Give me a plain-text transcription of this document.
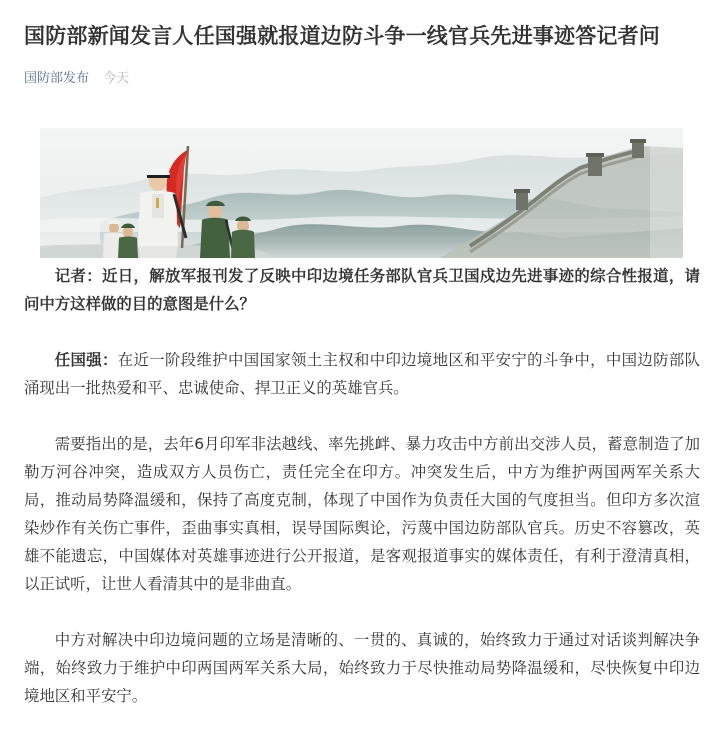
国防部新闻发言人任国强就报道边防斗争一线官兵先进事迹答记者问
国防部发布 今天

记者：近日，解放军报刊发了反映中印边境任务部队官兵卫国戍边先进事迹的综合性报道，请问中方这样做的目的意图是什么？

任国强：在近一阶段维护中国国家领土主权和中印边境地区和平安宁的斗争中，中国边防部队涌现出一批热爱和平、忠诚使命、捍卫正义的英雄官兵。

需要指出的是，去年6月印军非法越线、率先挑衅、暴力攻击中方前出交涉人员，蓄意制造了加勒万河谷冲突，造成双方人员伤亡，责任完全在印方。冲突发生后，中方为维护两国两军关系大局，推动局势降温缓和，保持了高度克制，体现了中国作为负责任大国的气度担当。但印方多次渲染炒作有关伤亡事件，歪曲事实真相，误导国际舆论，污蔑中国边防部队官兵。历史不容篡改，英雄不能遗忘，中国媒体对英雄事迹进行公开报道，是客观报道事实的媒体责任，有利于澄清真相，以正试听，让世人看清其中的是非曲直。

中方对解决中印边境问题的立场是清晰的、一贯的、真诚的，始终致力于通过对话谈判解决争端，始终致力于维护中印两国两军关系大局，始终致力于尽快推动局势降温缓和，尽快恢复中印边境地区和平安宁。
